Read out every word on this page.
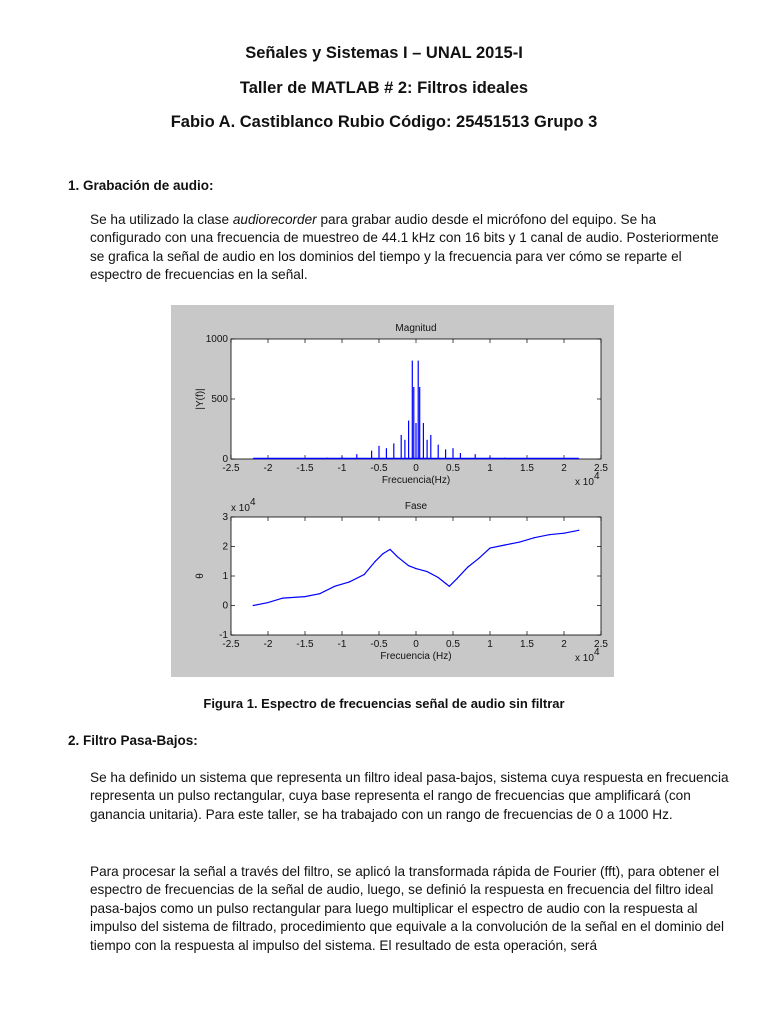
Señales y Sistemas I – UNAL 2015-I
Taller de MATLAB # 2: Filtros ideales
Fabio A. Castiblanco Rubio Código: 25451513 Grupo 3
1. Grabación de audio:

Se ha utilizado la clase audiorecorder para grabar audio desde el micrófono del equipo. Se ha configurado con una frecuencia de muestreo de 44.1 kHz con 16 bits y 1 canal de audio. Posteriormente se grafica la señal de audio en los dominios del tiempo y la frecuencia para ver cómo se reparte el espectro de frecuencias en la señal.

-2.5 -2 -1.5 -1 -0.5	0	0.5	1	1.5	2	2.5
0
500
1000
Magnitud
Frecuencia(Hz)
|Y(f)|
x 10
4
-2.5 -2 -1.5 -1 -0.5	0	0.5	1	1.5	2	2.5
-1
0
1
2
3
Fase
Frecuencia (Hz)
θ
x 10
4
x 10
4
Figura 1. Espectro de frecuencias señal de audio sin filtrar
2. Filtro Pasa-Bajos:

Se ha definido un sistema que representa un filtro ideal pasa-bajos, sistema cuya respuesta en frecuencia representa un pulso rectangular, cuya base representa el rango de frecuencias que amplificará (con ganancia unitaria). Para este taller, se ha trabajado con un rango de frecuencias de 0 a 1000 Hz.

Para procesar la señal a través del filtro, se aplicó la transformada rápida de Fourier (fft), para obtener el espectro de frecuencias de la señal de audio, luego, se definió la respuesta en frecuencia del filtro ideal pasa-bajos como un pulso rectangular para luego multiplicar el espectro de audio con la respuesta al impulso del sistema de filtrado, procedimiento que equivale a la convolución de la señal en el dominio del tiempo con la respuesta al impulso del sistema. El resultado de esta operación, será
